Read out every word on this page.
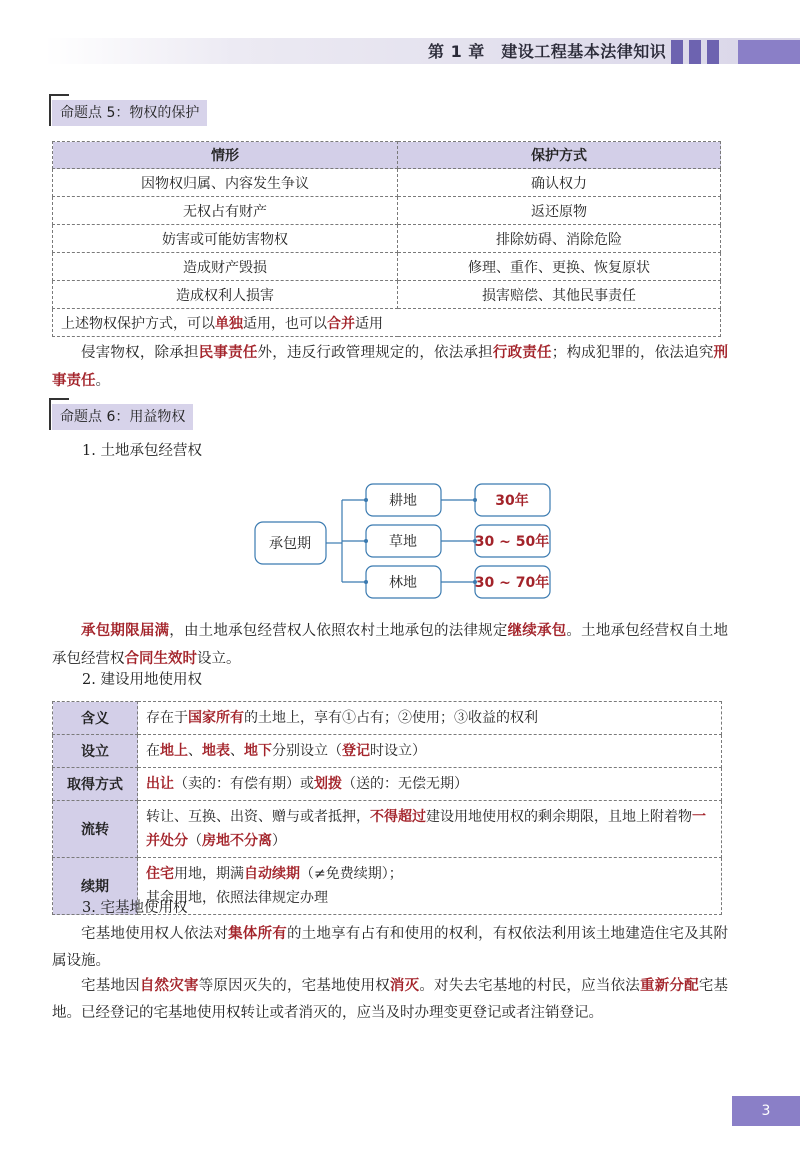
第 1 章　建设工程基本法律知识
命题点 5：物权的保护
情形	保护方式
因物权归属、内容发生争议	确认权力
无权占有财产	返还原物
妨害或可能妨害物权	排除妨碍、消除危险
造成财产毁损	修理、重作、更换、恢复原状
造成权利人损害	损害赔偿、其他民事责任
上述物权保护方式，可以单独适用，也可以合并适用	
侵害物权，除承担民事责任外，违反行政管理规定的，依法承担行政责任；构成犯罪的，依法追究刑事责任。
命题点 6：用益物权
1. 土地承包经营权
承包期
耕地
草地
林地
30年
30 ~ 50年
30 ~ 70年
承包期限届满，由土地承包经营权人依照农村土地承包的法律规定继续承包。土地承包经营权自土地承包经营权合同生效时设立。
2. 建设用地使用权
含义	存在于国家所有的土地上，享有①占有；②使用；③收益的权利
设立	在地上、地表、地下分别设立（登记时设立）
取得方式	出让（卖的：有偿有期）或划拨（送的：无偿无期）
流转	转让、互换、出资、赠与或者抵押，不得超过建设用地使用权的剩余期限，且地上附着物一并处分（房地不分离）
续期	住宅用地，期满自动续期（≠免费续期）；
其余用地，依照法律规定办理
3. 宅基地使用权
宅基地使用权人依法对集体所有的土地享有占有和使用的权利，有权依法利用该土地建造住宅及其附属设施。
宅基地因自然灾害等原因灭失的，宅基地使用权消灭。对失去宅基地的村民，应当依法重新分配宅基地。已经登记的宅基地使用权转让或者消灭的，应当及时办理变更登记或者注销登记。
3
